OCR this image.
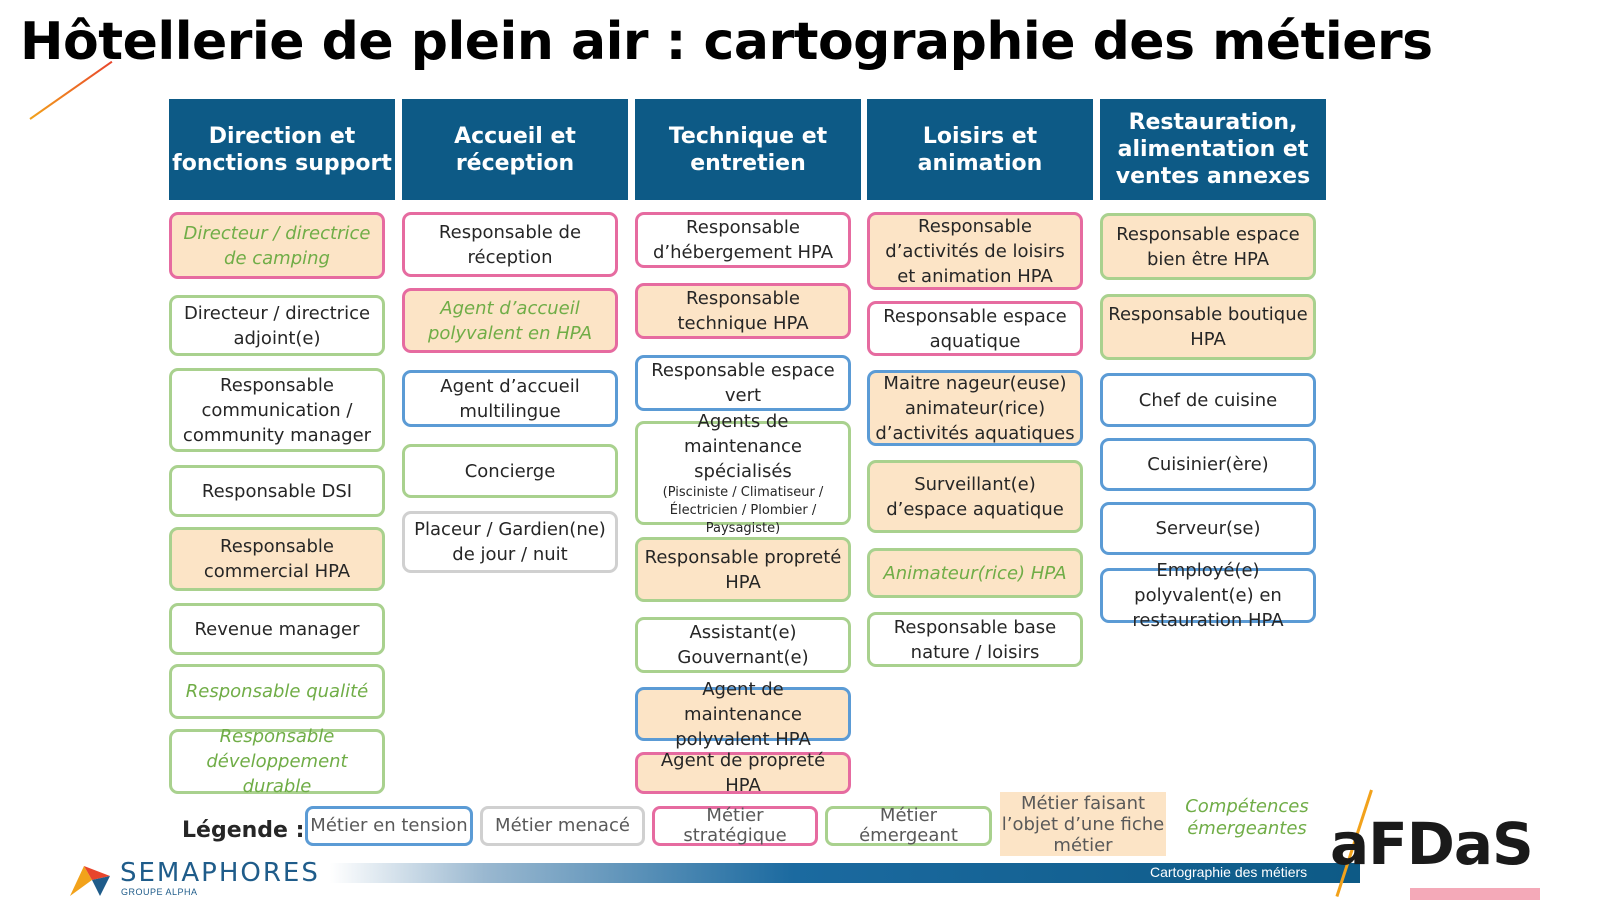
Hôtellerie de plein air : cartographie des métiers
Direction et fonctions support
Accueil et réception
Technique et entretien
Loisirs et animation
Restauration, alimentation et ventes annexes
Directeur / directrice de camping
Directeur / directrice adjoint(e)
Responsable communication / community manager
Responsable DSI
Responsable commercial HPA
Revenue manager
Responsable qualité
Responsable développement durable
Responsable de réception
Agent d’accueil polyvalent en HPA
Agent d’accueil multilingue
Concierge
Placeur / Gardien(ne) de jour / nuit
Responsable d’hébergement HPA
Responsable technique HPA
Responsable espace vert
Agents de maintenance spécialisés
(Pisciniste / Climatiseur / Électricien / Plombier / Paysagiste)
Responsable propreté HPA
Assistant(e) Gouvernant(e)
Agent de maintenance polyvalent HPA
Agent de propreté HPA
Responsable d’activités de loisirs et animation HPA
Responsable espace aquatique
Maitre nageur(euse) animateur(rice) d’activités aquatiques
Surveillant(e) d’espace aquatique
Animateur(rice) HPA
Responsable base nature / loisirs
Responsable espace bien être HPA
Responsable boutique HPA
Chef de cuisine
Cuisinier(ère)
Serveur(se)
Employé(e) polyvalent(e) en restauration HPA
Légende : Métier en tension Métier menacé	Métier stratégique
Métier émergeant
Métier faisant l’objet d’une fiche métier
Compétences émergeantes
SEMAPHORES
GROUPE ALPHA
Cartographie des métiers aFDaS
